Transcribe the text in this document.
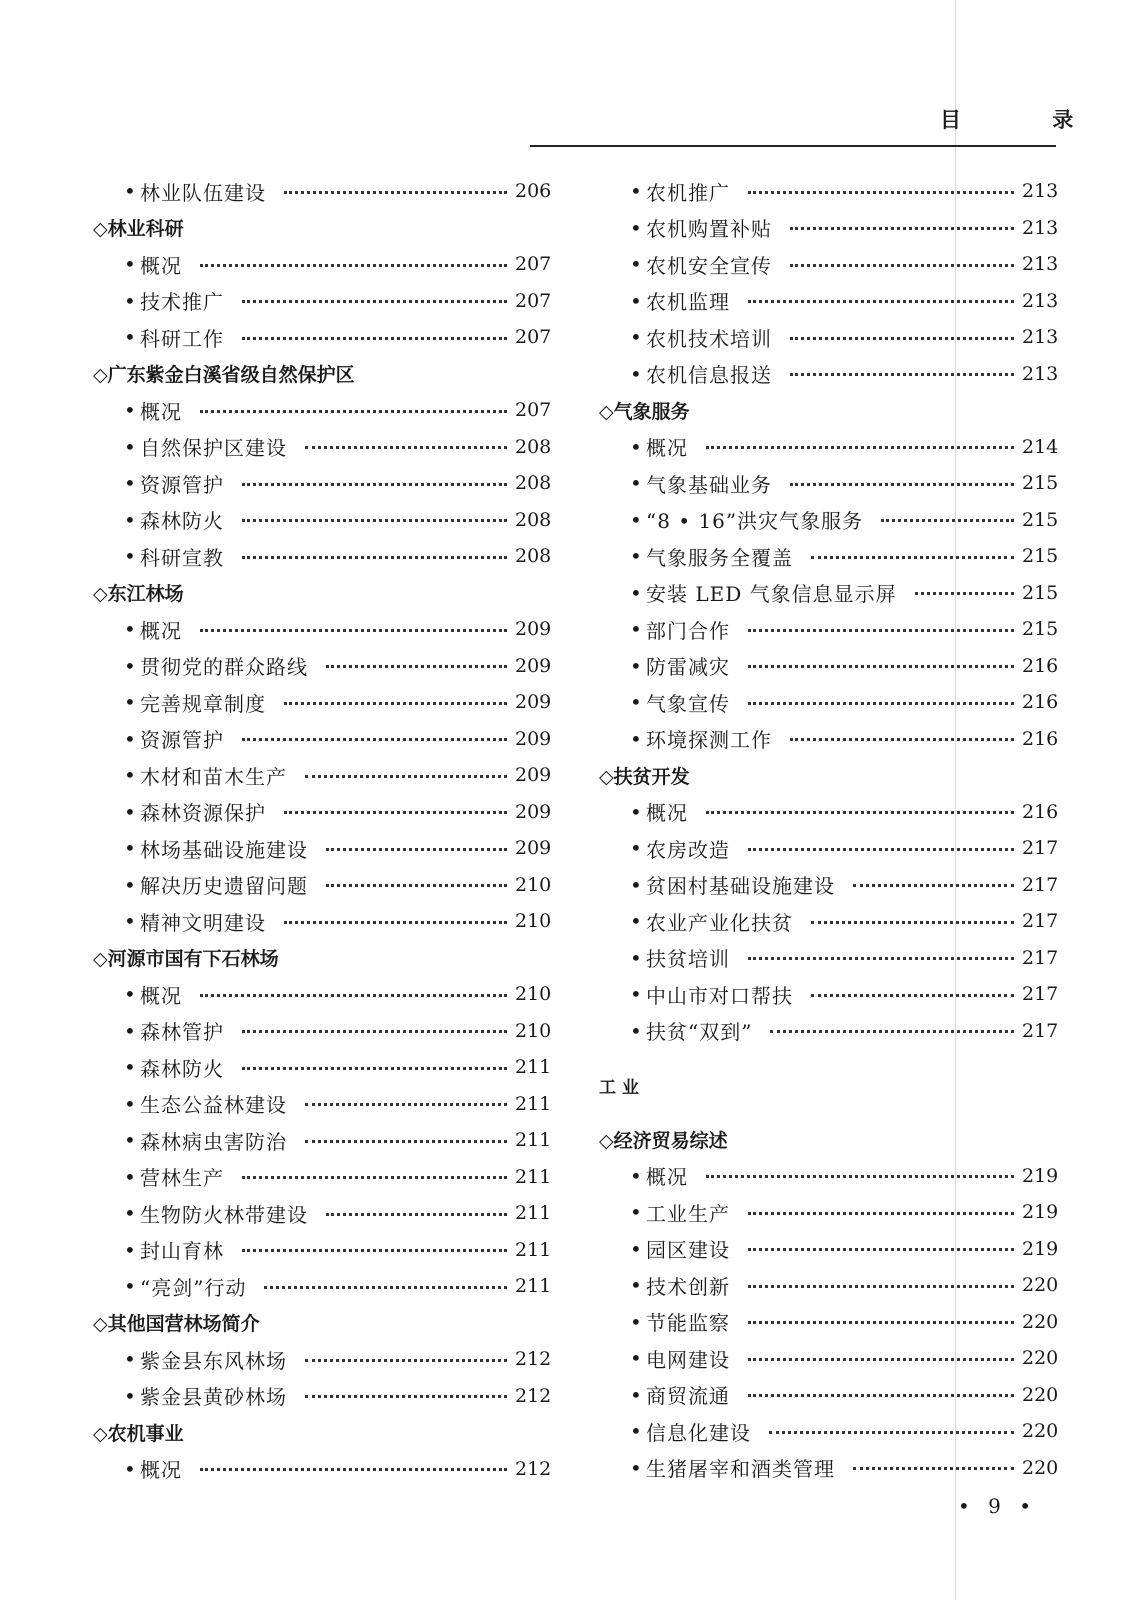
目 录
• 林业队伍建设	206
◇林业科研
• 概况	207
• 技术推广	207
• 科研工作	207
◇广东紫金白溪省级自然保护区
• 概况	207
• 自然保护区建设	208
• 资源管护	208
• 森林防火	208
• 科研宣教	208
◇东江林场
• 概况	209
• 贯彻党的群众路线	209
• 完善规章制度	209
• 资源管护	209
• 木材和苗木生产	209
• 森林资源保护	209
• 林场基础设施建设	209
• 解决历史遗留问题	210
• 精神文明建设	210
◇河源市国有下石林场
• 概况	210
• 森林管护	210
• 森林防火	211
• 生态公益林建设	211
• 森林病虫害防治	211
• 营林生产	211
• 生物防火林带建设	211
• 封山育林	211
• “亮剑”行动	211
◇其他国营林场简介
• 紫金县东风林场	212
• 紫金县黄砂林场	212
◇农机事业
• 概况	212
• 农机推广	213
• 农机购置补贴	213
• 农机安全宣传	213
• 农机监理	213
• 农机技术培训	213
• 农机信息报送	213
◇气象服务
• 概况	214
• 气象基础业务	215
• “8 • 16”洪灾气象服务	215
• 气象服务全覆盖	215
• 安装 LED 气象信息显示屏	215
• 部门合作	215
• 防雷减灾	216
• 气象宣传	216
• 环境探测工作	216
◇扶贫开发
• 概况	216
• 农房改造	217
• 贫困村基础设施建设	217
• 农业产业化扶贫	217
• 扶贫培训	217
• 中山市对口帮扶	217
• 扶贫“双到”	217
工 业
◇经济贸易综述
• 概况	219
• 工业生产	219
• 园区建设	219
• 技术创新	220
• 节能监察	220
• 电网建设	220
• 商贸流通	220
• 信息化建设	220
• 生猪屠宰和酒类管理	220
• 9 •
